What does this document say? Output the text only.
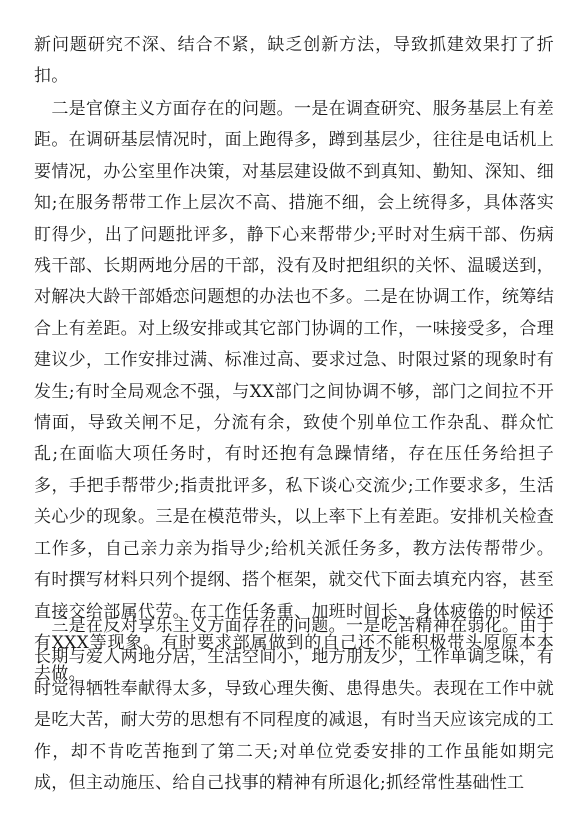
新问题研究不深、结合不紧，缺乏创新方法，导致抓建效果打了折扣。

　二是官僚主义方面存在的问题。一是在调查研究、服务基层上有差距。在调研基层情况时，面上跑得多，蹲到基层少，往往是电话机上要情况，办公室里作决策，对基层建设做不到真知、勤知、深知、细知;在服务帮带工作上层次不高、措施不细，会上统得多，具体落实盯得少，出了问题批评多，静下心来帮带少;平时对生病干部、伤病残干部、长期两地分居的干部，没有及时把组织的关怀、温暖送到，对解决大龄干部婚恋问题想的办法也不多。二是在协调工作，统筹结合上有差距。对上级安排或其它部门协调的工作，一味接受多，合理建议少，工作安排过满、标准过高、要求过急、时限过紧的现象时有发生;有时全局观念不强，与XX部门之间协调不够，部门之间拉不开情面，导致关闸不足，分流有余，致使个别单位工作杂乱、群众忙乱;在面临大项任务时，有时还抱有急躁情绪，存在压任务给担子多，手把手帮带少;指责批评多，私下谈心交流少;工作要求多，生活关心少的现象。三是在模范带头，以上率下上有差距。安排机关检查工作多，自己亲力亲为指导少;给机关派任务多，教方法传帮带少。有时撰写材料只列个提纲、搭个框架，就交代下面去填充内容，甚至直接交给部属代劳。在工作任务重、加班时间长、身体疲倦的时候还有XXX等现象。有时要求部属做到的自己还不能积极带头原原本本去做。

　三是在反对享乐主义方面存在的问题。一是吃苦精神在弱化。由于长期与爱人两地分居，生活空间小，地方朋友少，工作单调乏味，有时觉得牺牲奉献得太多，导致心理失衡、患得患失。表现在工作中就是吃大苦，耐大劳的思想有不同程度的减退，有时当天应该完成的工作，却不肯吃苦拖到了第二天;对单位党委安排的工作虽能如期完成，但主动施压、给自己找事的精神有所退化;抓经常性基础性工
